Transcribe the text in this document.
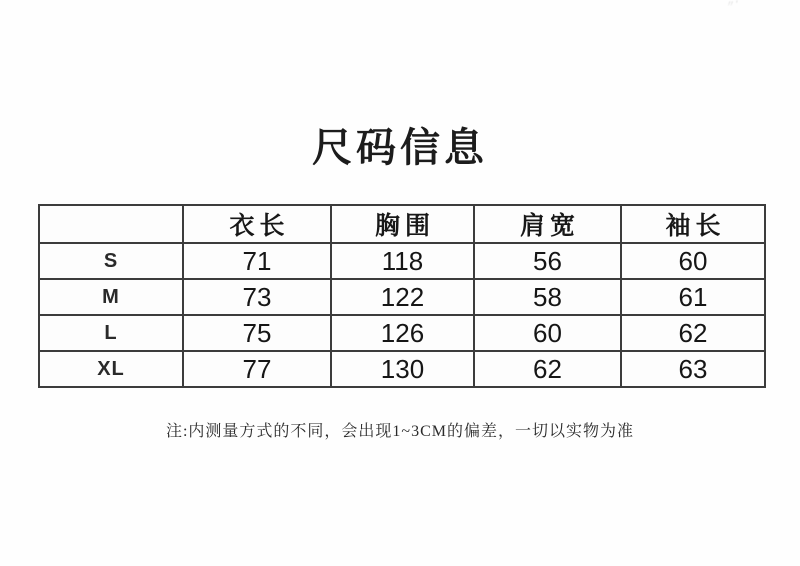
〃′
尺码信息
	衣长	胸围	肩宽	袖长
S	71	118	56	60
M	73	122	58	61
L	75	126	60	62
XL	77	130	62	63
注:内测量方式的不同，会出现1~3CM的偏差，一切以实物为准
